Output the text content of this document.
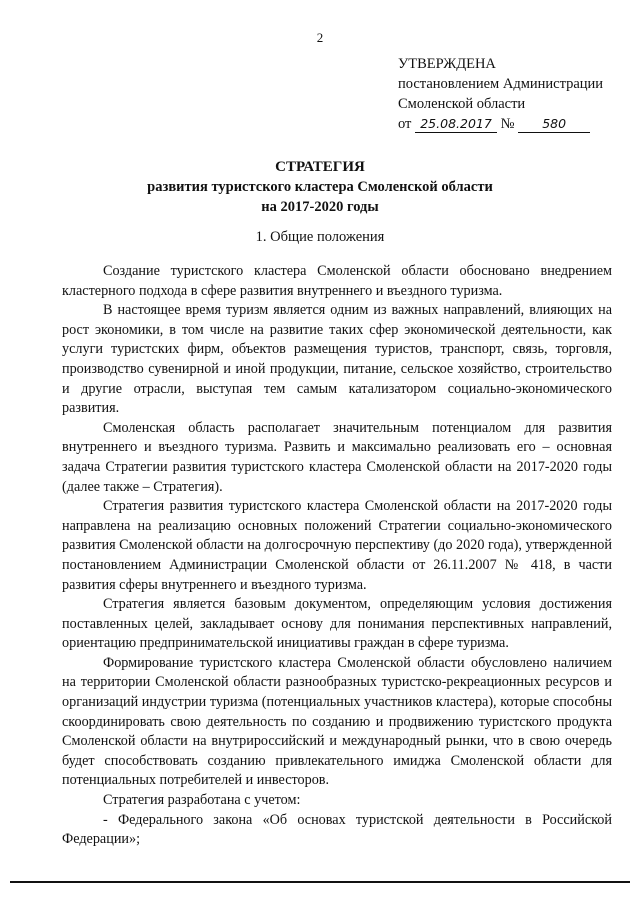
2
УТВЕРЖДЕНА
постановлением Администрации
Смоленской области
от 25.08.2017 № 580
СТРАТЕГИЯ
развития туристского кластера Смоленской области
на 2017-2020 годы
1. Общие положения

Создание туристского кластера Смоленской области обосновано внедрением кластерного подхода в сфере развития внутреннего и въездного туризма.

В настоящее время туризм является одним из важных направлений, влияющих на рост экономики, в том числе на развитие таких сфер экономической деятельности, как услуги туристских фирм, объектов размещения туристов, транспорт, связь, торговля, производство сувенирной и иной продукции, питание, сельское хозяйство, строительство и другие отрасли, выступая тем самым катализатором социально-экономического развития.

Смоленская область располагает значительным потенциалом для развития внутреннего и въездного туризма. Развить и максимально реализовать его – основная задача Стратегии развития туристского кластера Смоленской области на 2017-2020 годы (далее также – Стратегия).

Стратегия развития туристского кластера Смоленской области на 2017-2020 годы направлена на реализацию основных положений Стратегии социально-экономического развития Смоленской области на долгосрочную перспективу (до 2020 года), утвержденной постановлением Администрации Смоленской области от 26.11.2007 № 418, в части развития сферы внутреннего и въездного туризма.

Стратегия является базовым документом, определяющим условия достижения поставленных целей, закладывает основу для понимания перспективных направлений, ориентацию предпринимательской инициативы граждан в сфере туризма.

Формирование туристского кластера Смоленской области обусловлено наличием на территории Смоленской области разнообразных туристско-рекреационных ресурсов и организаций индустрии туризма (потенциальных участников кластера), которые способны скоординировать свою деятельность по созданию и продвижению туристского продукта Смоленской области на внутрироссийский и международный рынки, что в свою очередь будет способствовать созданию привлекательного имиджа Смоленской области для потенциальных потребителей и инвесторов.

Стратегия разработана с учетом:

- Федерального закона «Об основах туристской деятельности в Российской Федерации»;
